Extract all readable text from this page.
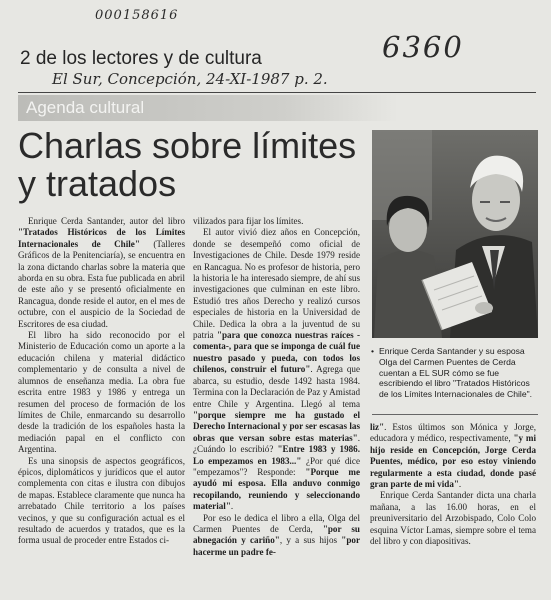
000158616
6360
2 de los lectores y de cultura
El Sur, Concepción, 24-XI-1987 p. 2.
Agenda cultural
Charlas sobre límites y tratados

Enrique Cerda Santander, autor del libro "Tratados Históricos de los Límites Internacionales de Chile" (Talleres Gráficos de la Penitenciaría), se encuentra en la zona dictando charlas sobre la materia que aborda en su obra. Esta fue publicada en abril de este año y se presentó oficialmente en Rancagua, donde reside el autor, en el mes de octubre, con el auspicio de la Sociedad de Escritores de esa ciudad.

El libro ha sido reconocido por el Ministerio de Educación como un aporte a la educación chilena y material didáctico complementario y de consulta a nivel de alumnos de enseñanza media. La obra fue escrita entre 1983 y 1986 y entrega un resumen del proceso de formación de los límites de Chile, enmarcando su desarrollo desde la tradición de los españoles hasta la mediación papal en el conflicto con Argentina.

Es una sinopsis de aspectos geográficos, épicos, diplomáticos y jurídicos que el autor complementa con citas e ilustra con dibujos de mapas. Establece claramente que nunca ha arrebatado Chile territorio a los países vecinos, y que su configuración actual es el resultado de acuerdos y tratados, que es la forma usual de proceder entre Estados ci-

vilizados para fijar los límites.

El autor vivió diez años en Concepción, donde se desempeñó como oficial de Investigaciones de Chile. Desde 1979 reside en Rancagua. No es profesor de historia, pero la historia le ha interesado siempre, de ahí sus investigaciones que culminan en este libro. Estudió tres años Derecho y realizó cursos especiales de historia en la Universidad de Chile. Dedica la obra a la juventud de su patria "para que conozca nuestras raíces -comenta-, para que se imponga de cuál fue nuestro pasado y pueda, con todos los chilenos, construir el futuro". Agrega que abarca, su estudio, desde 1492 hasta 1984. Termina con la Declaración de Paz y Amistad entre Chile y Argentina. Llegó al tema "porque siempre me ha gustado el Derecho Internacional y por ser escasas las obras que versan sobre estas materias". ¿Cuándo lo escribió? "Entre 1983 y 1986. Lo empezamos en 1983..." ¿Por qué dice "empezamos"? Responde: "Porque me ayudó mi esposa. Ella anduvo conmigo recopilando, reuniendo y seleccionando material".

Por eso le dedica el libro a ella, Olga del Carmen Puentes de Cerda, "por su abnegación y cariño", y a sus hijos "por hacerme un padre fe-

• Enrique Cerda Santander y su esposa Olga del Carmen Puentes de Cerda cuentan a EL SUR cómo se fue escribiendo el libro "Tratados Históricos de los Límites Internacionales de Chile".

liz". Estos últimos son Mónica y Jorge, educadora y médico, respectivamente, "y mi hijo reside en Concepción, Jorge Cerda Puentes, médico, por eso estoy viniendo regularmente a esta ciudad, donde pasé gran parte de mi vida".

Enrique Cerda Santander dicta una charla mañana, a las 16.00 horas, en el preuniversitario del Arzobispado, Colo Colo esquina Víctor Lamas, siempre sobre el tema del libro y con diapositivas.
